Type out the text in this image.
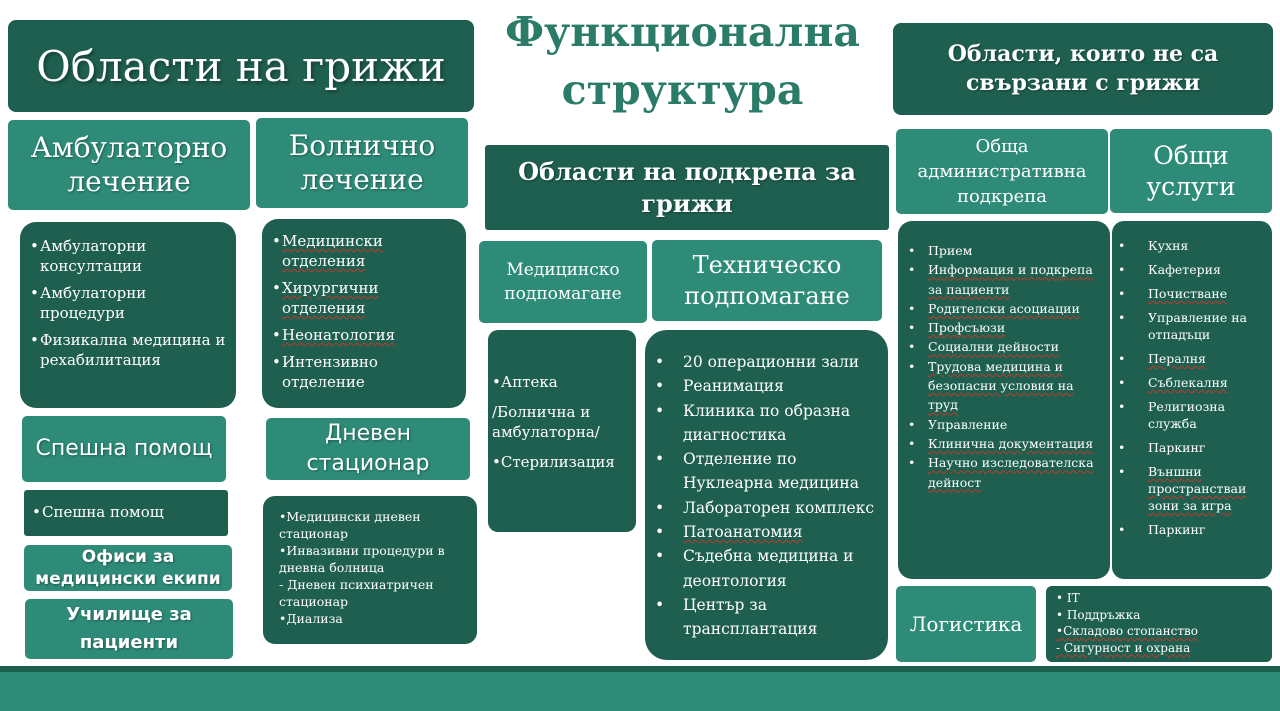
Функционална
структура
Области на грижи
Амбулаторно лечение
Болнично лечение
• Амбулаторни консултации
• Амбулаторни процедури
• Физикална медицина и рехабилитация
• Медицински отделения
• Хирургични отделения
• Неонатология
• Интензивно отделение
Спешна помощ
Дневен стационар
• Спешна помощ	•Медицински дневен стационар
•Инвазивни процедури в дневна болница
- Дневен психиатричен стационар
•Диализа
Офиси за медицински екипи
Училище за пациенти
Области на подкрепа за грижи
Медицинско подпомагане
Техническо подпомагане
•Аптека
/Болнична и амбулаторна/
•Стерилизация
• 20 операционни зали
• Реанимация
• Клиника по образна диагностика
• Отделение по Нуклеарна медицина
• Лабораторен комплекс
• Патоанатомия
• Съдебна медицина и деонтология
• Център за трансплантация
Области, които не са свързани с грижи
Обща административна подкрепа
Общи услуги
• Прием
• Информация и подкрепа за пациенти
• Родителски асоциации
• Профсъюзи
• Социални дейности
• Трудова медицина и безопасни условия на труд
• Управление
• Клинична документация
• Научно изследователска дейност
• Кухня
• Кафетерия
• Почистване
• Управление на отпадъци
• Пералня
• Съблекалня
• Религиозна служба
• Паркинг
• Външни пространстваи зони за игра
• Паркинг
Логистика
• IT
• Поддръжка
•Складово стопанство
- Сигурност и охрана
